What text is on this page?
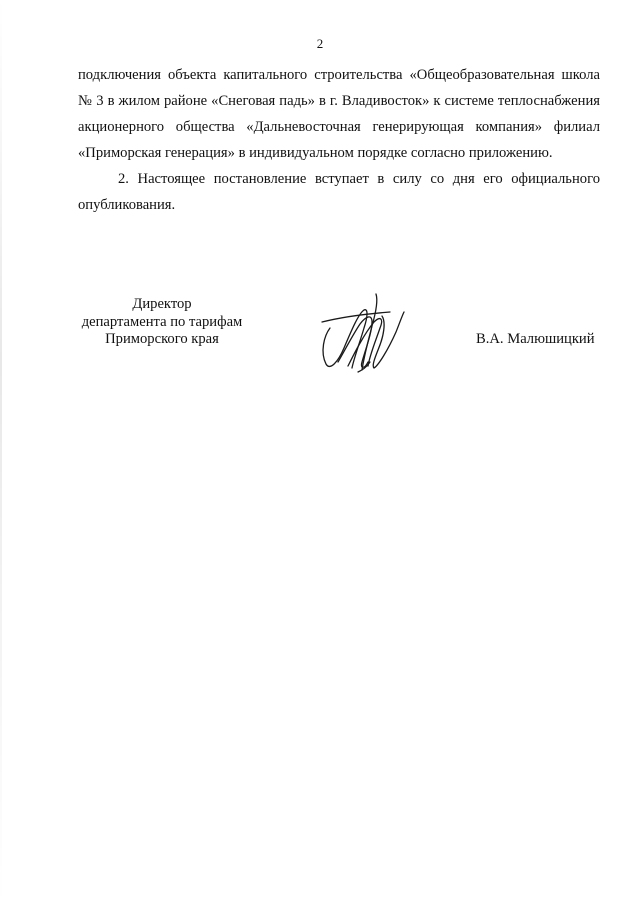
2

подключения объекта капитального строительства «Общеобразовательная школа № 3 в жилом районе «Снеговая падь» в г. Владивосток» к системе теплоснабжения акционерного общества «Дальневосточная генерирующая компания» филиал «Приморская генерация» в индивидуальном порядке согласно приложению.

2. Настоящее постановление вступает в силу со дня его официального опубликования.

Директор
департамента по тарифам
Приморского края	В.А. Малюшицкий
